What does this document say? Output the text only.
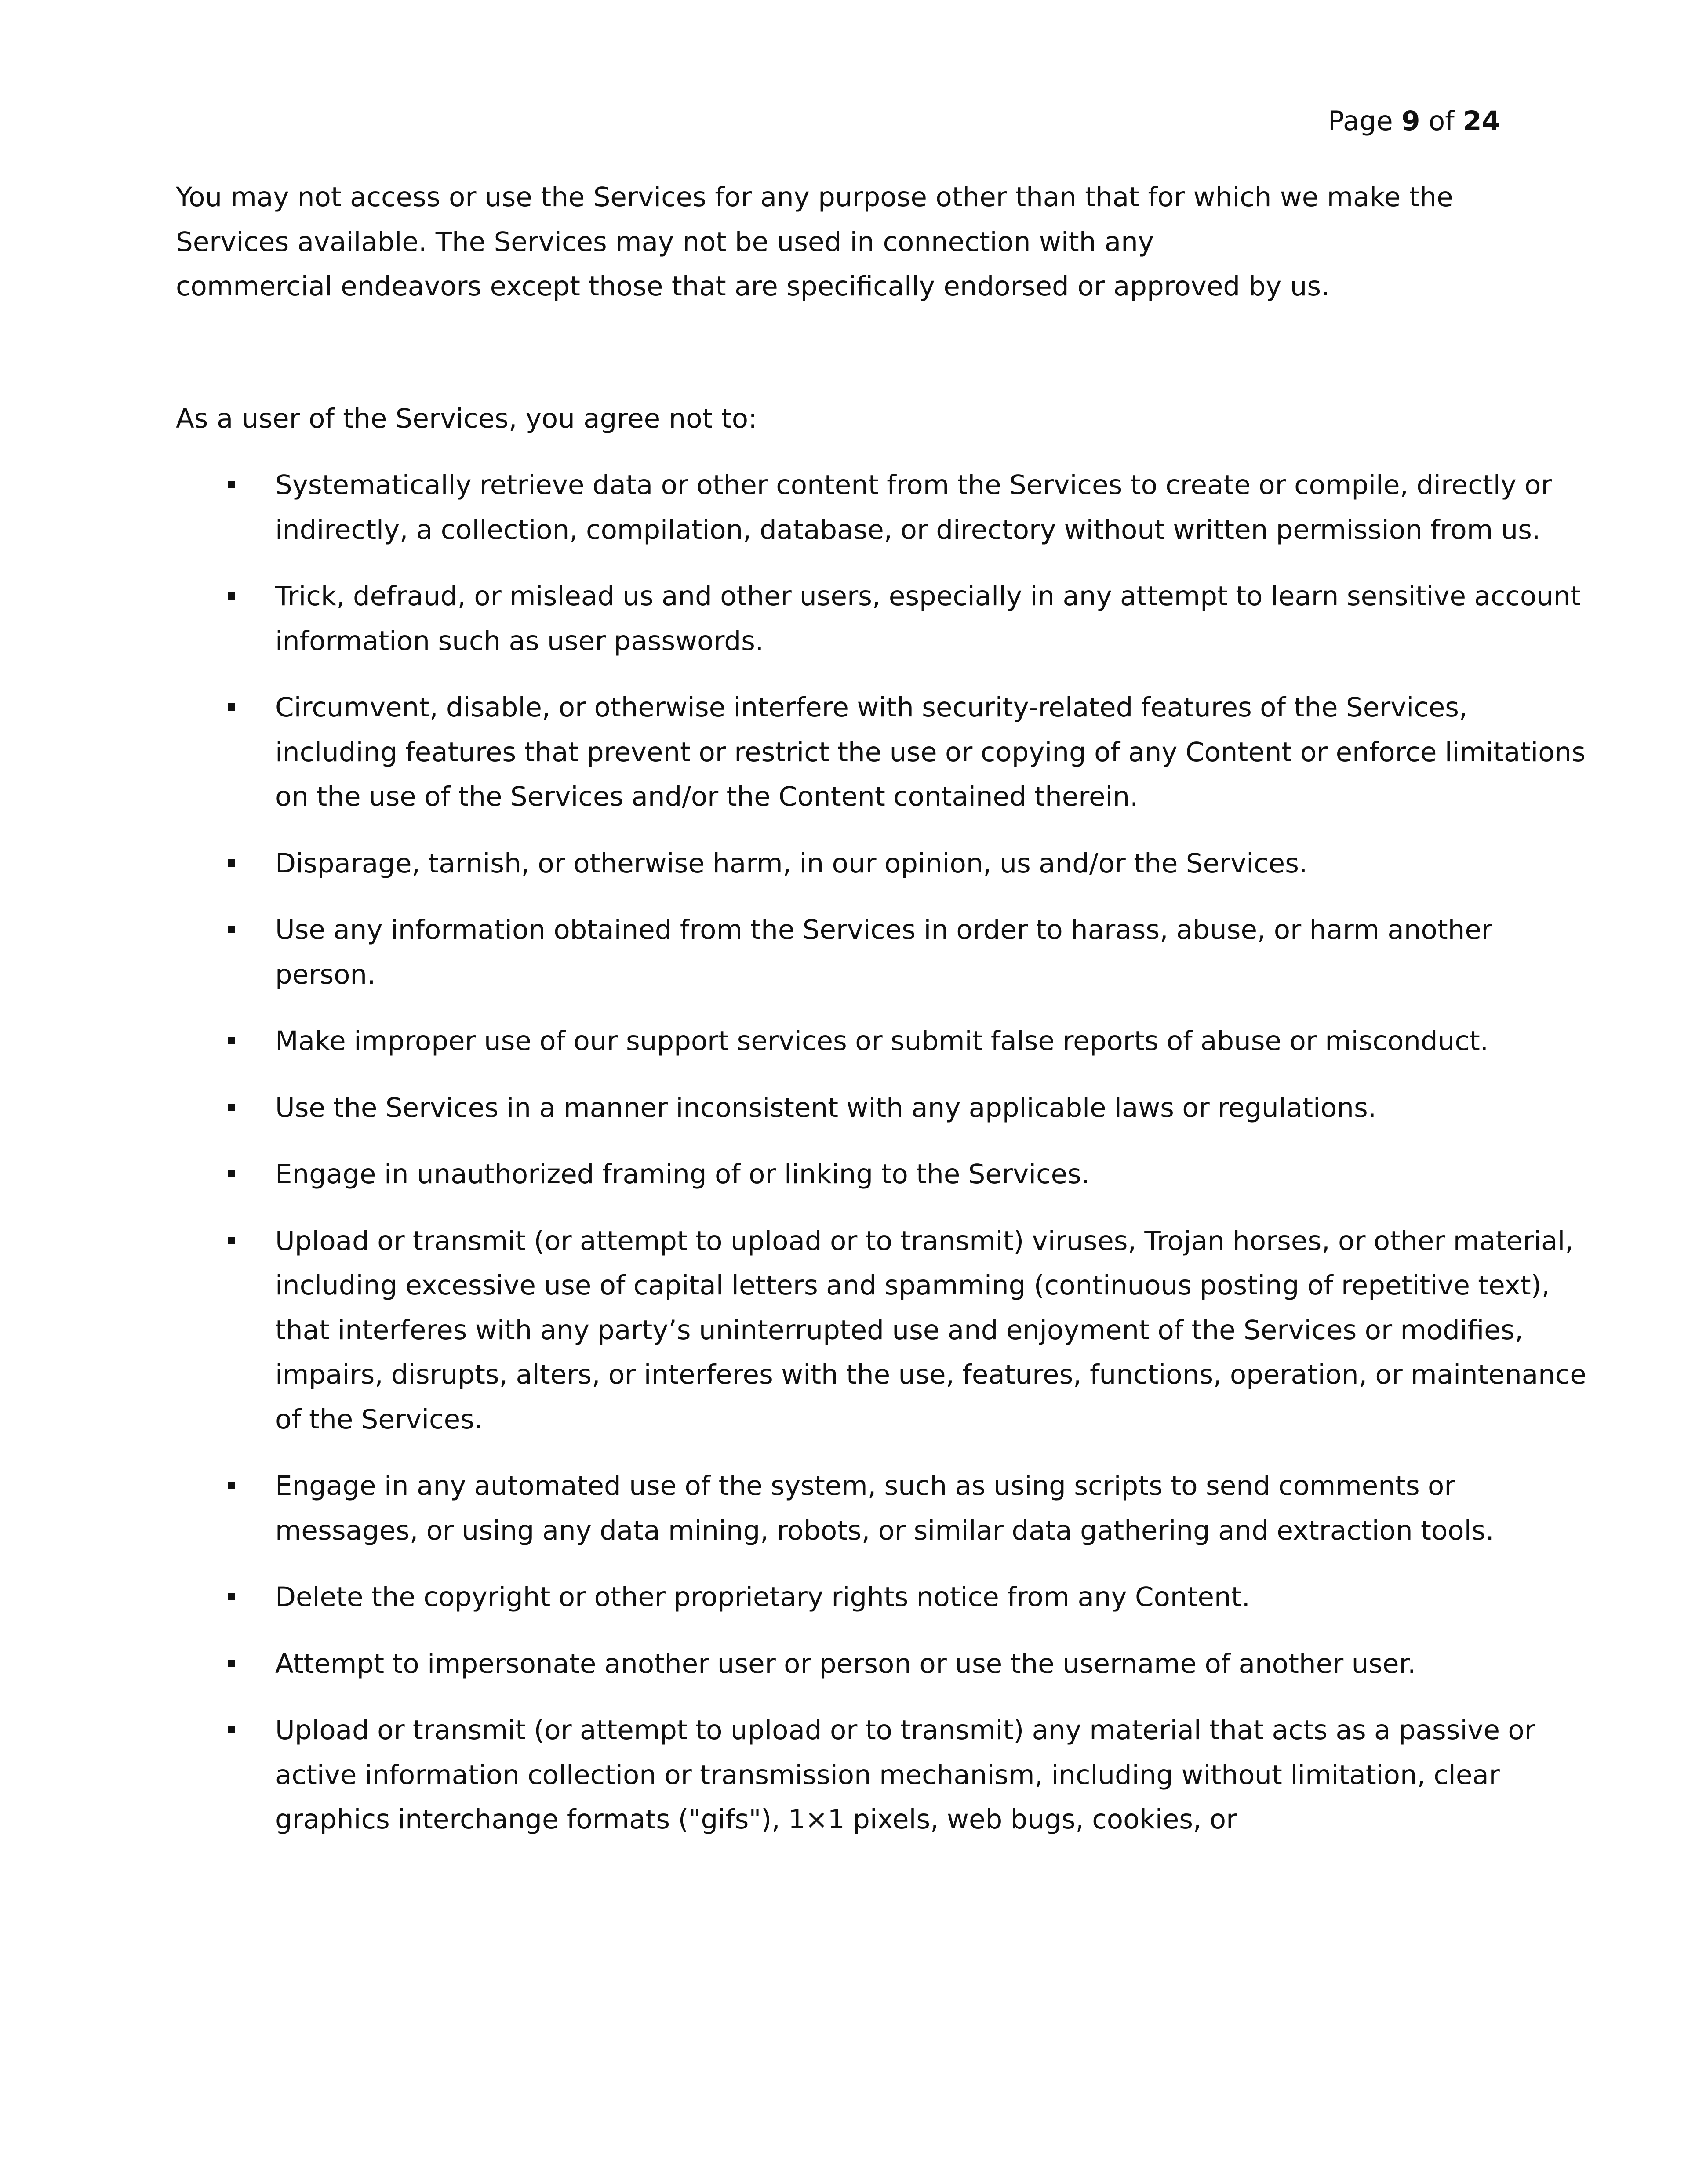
Page 9 of 24

You may not access or use the Services for any purpose other than that for which we make the
Services available. The Services may not be used in connection with any
commercial endeavors except those that are specifically endorsed or approved by us.

As a user of the Services, you agree not to:

Systematically retrieve data or other content from the Services to create or compile, directly or indirectly, a collection, compilation, database, or directory without written permission from us.
Trick, defraud, or mislead us and other users, especially in any attempt to learn sensitive account information such as user passwords.
Circumvent, disable, or otherwise interfere with security-related features of the Services, including features that prevent or restrict the use or copying of any Content or enforce limitations on the use of the Services and/or the Content contained therein.
Disparage, tarnish, or otherwise harm, in our opinion, us and/or the Services.
Use any information obtained from the Services in order to harass, abuse, or harm another person.
Make improper use of our support services or submit false reports of abuse or misconduct.
Use the Services in a manner inconsistent with any applicable laws or regulations.
Engage in unauthorized framing of or linking to the Services.
Upload or transmit (or attempt to upload or to transmit) viruses, Trojan horses, or other material, including excessive use of capital letters and spamming (continuous posting of repetitive text), that interferes with any party’s uninterrupted use and enjoyment of the Services or modifies, impairs, disrupts, alters, or interferes with the use, features, functions, operation, or maintenance of the Services.
Engage in any automated use of the system, such as using scripts to send comments or messages, or using any data mining, robots, or similar data gathering and extraction tools.
Delete the copyright or other proprietary rights notice from any Content.
Attempt to impersonate another user or person or use the username of another user.
Upload or transmit (or attempt to upload or to transmit) any material that acts as a passive or active information collection or transmission mechanism, including without limitation, clear graphics interchange formats ("gifs"), 1×1 pixels, web bugs, cookies, or
